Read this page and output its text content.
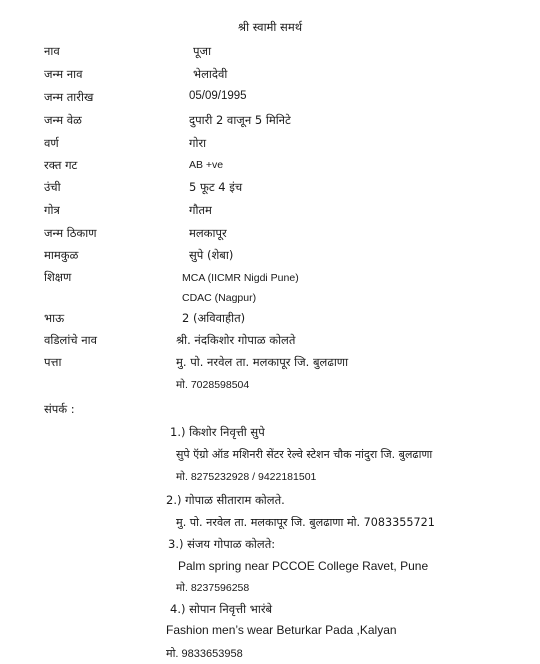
श्री स्वामी समर्थ
नाव
जन्म नाव
जन्म तारीख
जन्म वेळ
वर्ण
रक्त गट
उंची
गोत्र
जन्म ठिकाण
मामकुळ
शिक्षण
भाऊ
वडिलांचे नाव
पत्ता
पूजा
भेलादेवी
05/09/1995
दुपारी 2 वाजून 5 मिनिटे
गोरा
AB +ve
5 फूट 4 इंच
गौतम
मलकापूर
सुपे (शेबा)
MCA (IICMR Nigdi Pune)
CDAC (Nagpur)
2 (अविवाहीत)
श्री. नंदकिशोर गोपाळ कोलते
मु. पो. नरवेल ता. मलकापूर जि. बुलढाणा
मो. 7028598504
संपर्क :
1.) किशोर निवृत्ती सुपे
सुपे ऍग्रो ऑड मशिनरी सेंटर रेल्वे स्टेशन चौक नांदुरा जि. बुलढाणा
मो. 8275232928 / 9422181501
2.) गोपाळ सीताराम कोलते.
मु. पो. नरवेल ता. मलकापूर जि. बुलढाणा मो. 7083355721
3.) संजय गोपाळ कोलते:
Palm spring near PCCOE College Ravet, Pune
मो. 8237596258
4.) सोपान निवृत्ती भारंबे
Fashion men’s wear Beturkar Pada ,Kalyan
मो. 9833653958
